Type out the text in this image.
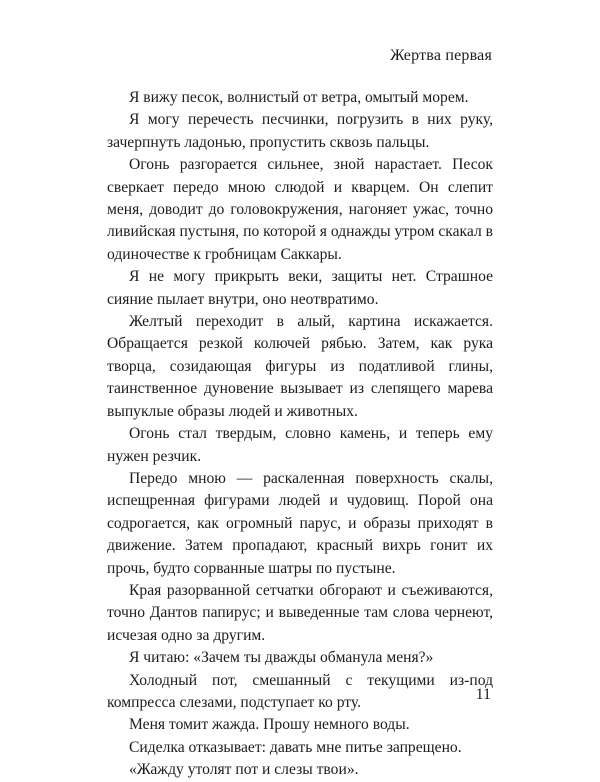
Жертва первая

Я вижу песок, волнистый от ветра, омытый морем.

Я могу перечесть песчинки, погрузить в них руку, зачерпнуть ладонью, пропустить сквозь пальцы.

Огонь разгорается сильнее, зной нарастает. Песок сверкает передо мною слюдой и кварцем. Он слепит меня, доводит до головокружения, нагоняет ужас, точно ливийская пустыня, по которой я однажды утром скакал в одиночестве к гробницам Саккары.

Я не могу прикрыть веки, защиты нет. Страшное сияние пылает внутри, оно неотвратимо.

Желтый переходит в алый, картина искажается. Обращается резкой колючей рябью. Затем, как рука творца, созидающая фигуры из податливой глины, таинственное дуновение вызывает из слепящего марева выпуклые образы людей и животных.

Огонь стал твердым, словно камень, и теперь ему нужен резчик.

Передо мною — раскаленная поверхность скалы, испещренная фигурами людей и чудовищ. Порой она содрогается, как огромный парус, и образы приходят в движение. Затем пропадают, красный вихрь гонит их прочь, будто сорванные шатры по пустыне.

Края разорванной сетчатки обгорают и съеживаются, точно Дантов папирус; и выведенные там слова чернеют, исчезая одно за другим.

Я читаю: «Зачем ты дважды обманула меня?»

Холодный пот, смешанный с текущими из-под компресса слезами, подступает ко рту.

Меня томит жажда. Прошу немного воды.

Сиделка отказывает: давать мне питье запрещено.

«Жажду утолят пот и слезы твои».

11
